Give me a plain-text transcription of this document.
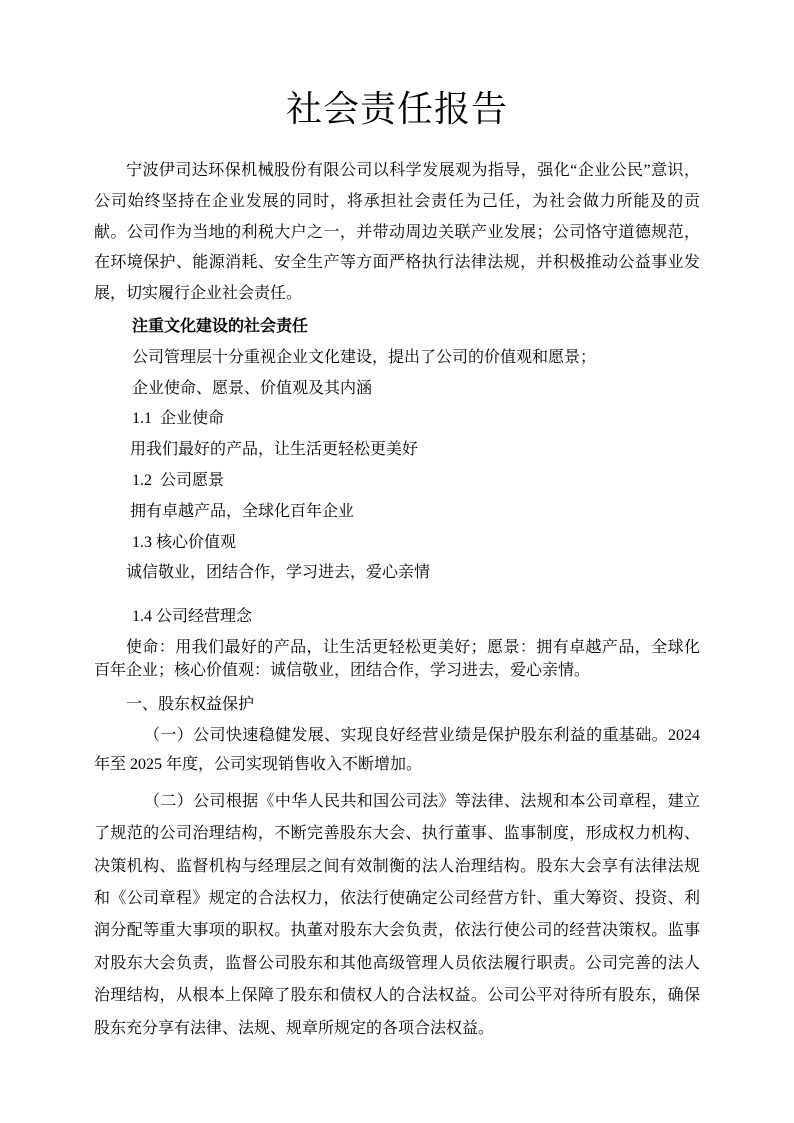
社会责任报告

宁波伊司达环保机械股份有限公司以科学发展观为指导，强化“企业公民”意识，公司始终坚持在企业发展的同时，将承担社会责任为己任，为社会做力所能及的贡献。公司作为当地的利税大户之一，并带动周边关联产业发展；公司恪守道德规范，在环境保护、能源消耗、安全生产等方面严格执行法律法规，并积极推动公益事业发展，切实履行企业社会责任。

注重文化建设的社会责任

公司管理层十分重视企业文化建设，提出了公司的价值观和愿景；

企业使命、愿景、价值观及其内涵

1.1  企业使命

用我们最好的产品，让生活更轻松更美好

1.2  公司愿景

拥有卓越产品，全球化百年企业

1.3 核心价值观

诚信敬业，团结合作，学习进去，爱心亲情

1.4 公司经营理念

使命：用我们最好的产品，让生活更轻松更美好；愿景：拥有卓越产品，全球化百年企业；核心价值观：诚信敬业，团结合作，学习进去，爱心亲情。

一、股东权益保护

（一）公司快速稳健发展、实现良好经营业绩是保护股东利益的重基础。2024 年至 2025 年度，公司实现销售收入不断增加。

（二）公司根据《中华人民共和国公司法》等法律、法规和本公司章程，建立了规范的公司治理结构，不断完善股东大会、执行董事、监事制度，形成权力机构、决策机构、监督机构与经理层之间有效制衡的法人治理结构。股东大会享有法律法规和《公司章程》规定的合法权力，依法行使确定公司经营方针、重大筹资、投资、利润分配等重大事项的职权。执董对股东大会负责，依法行使公司的经营决策权。监事对股东大会负责，监督公司股东和其他高级管理人员依法履行职责。公司完善的法人治理结构，从根本上保障了股东和债权人的合法权益。公司公平对待所有股东，确保股东充分享有法律、法规、规章所规定的各项合法权益。
